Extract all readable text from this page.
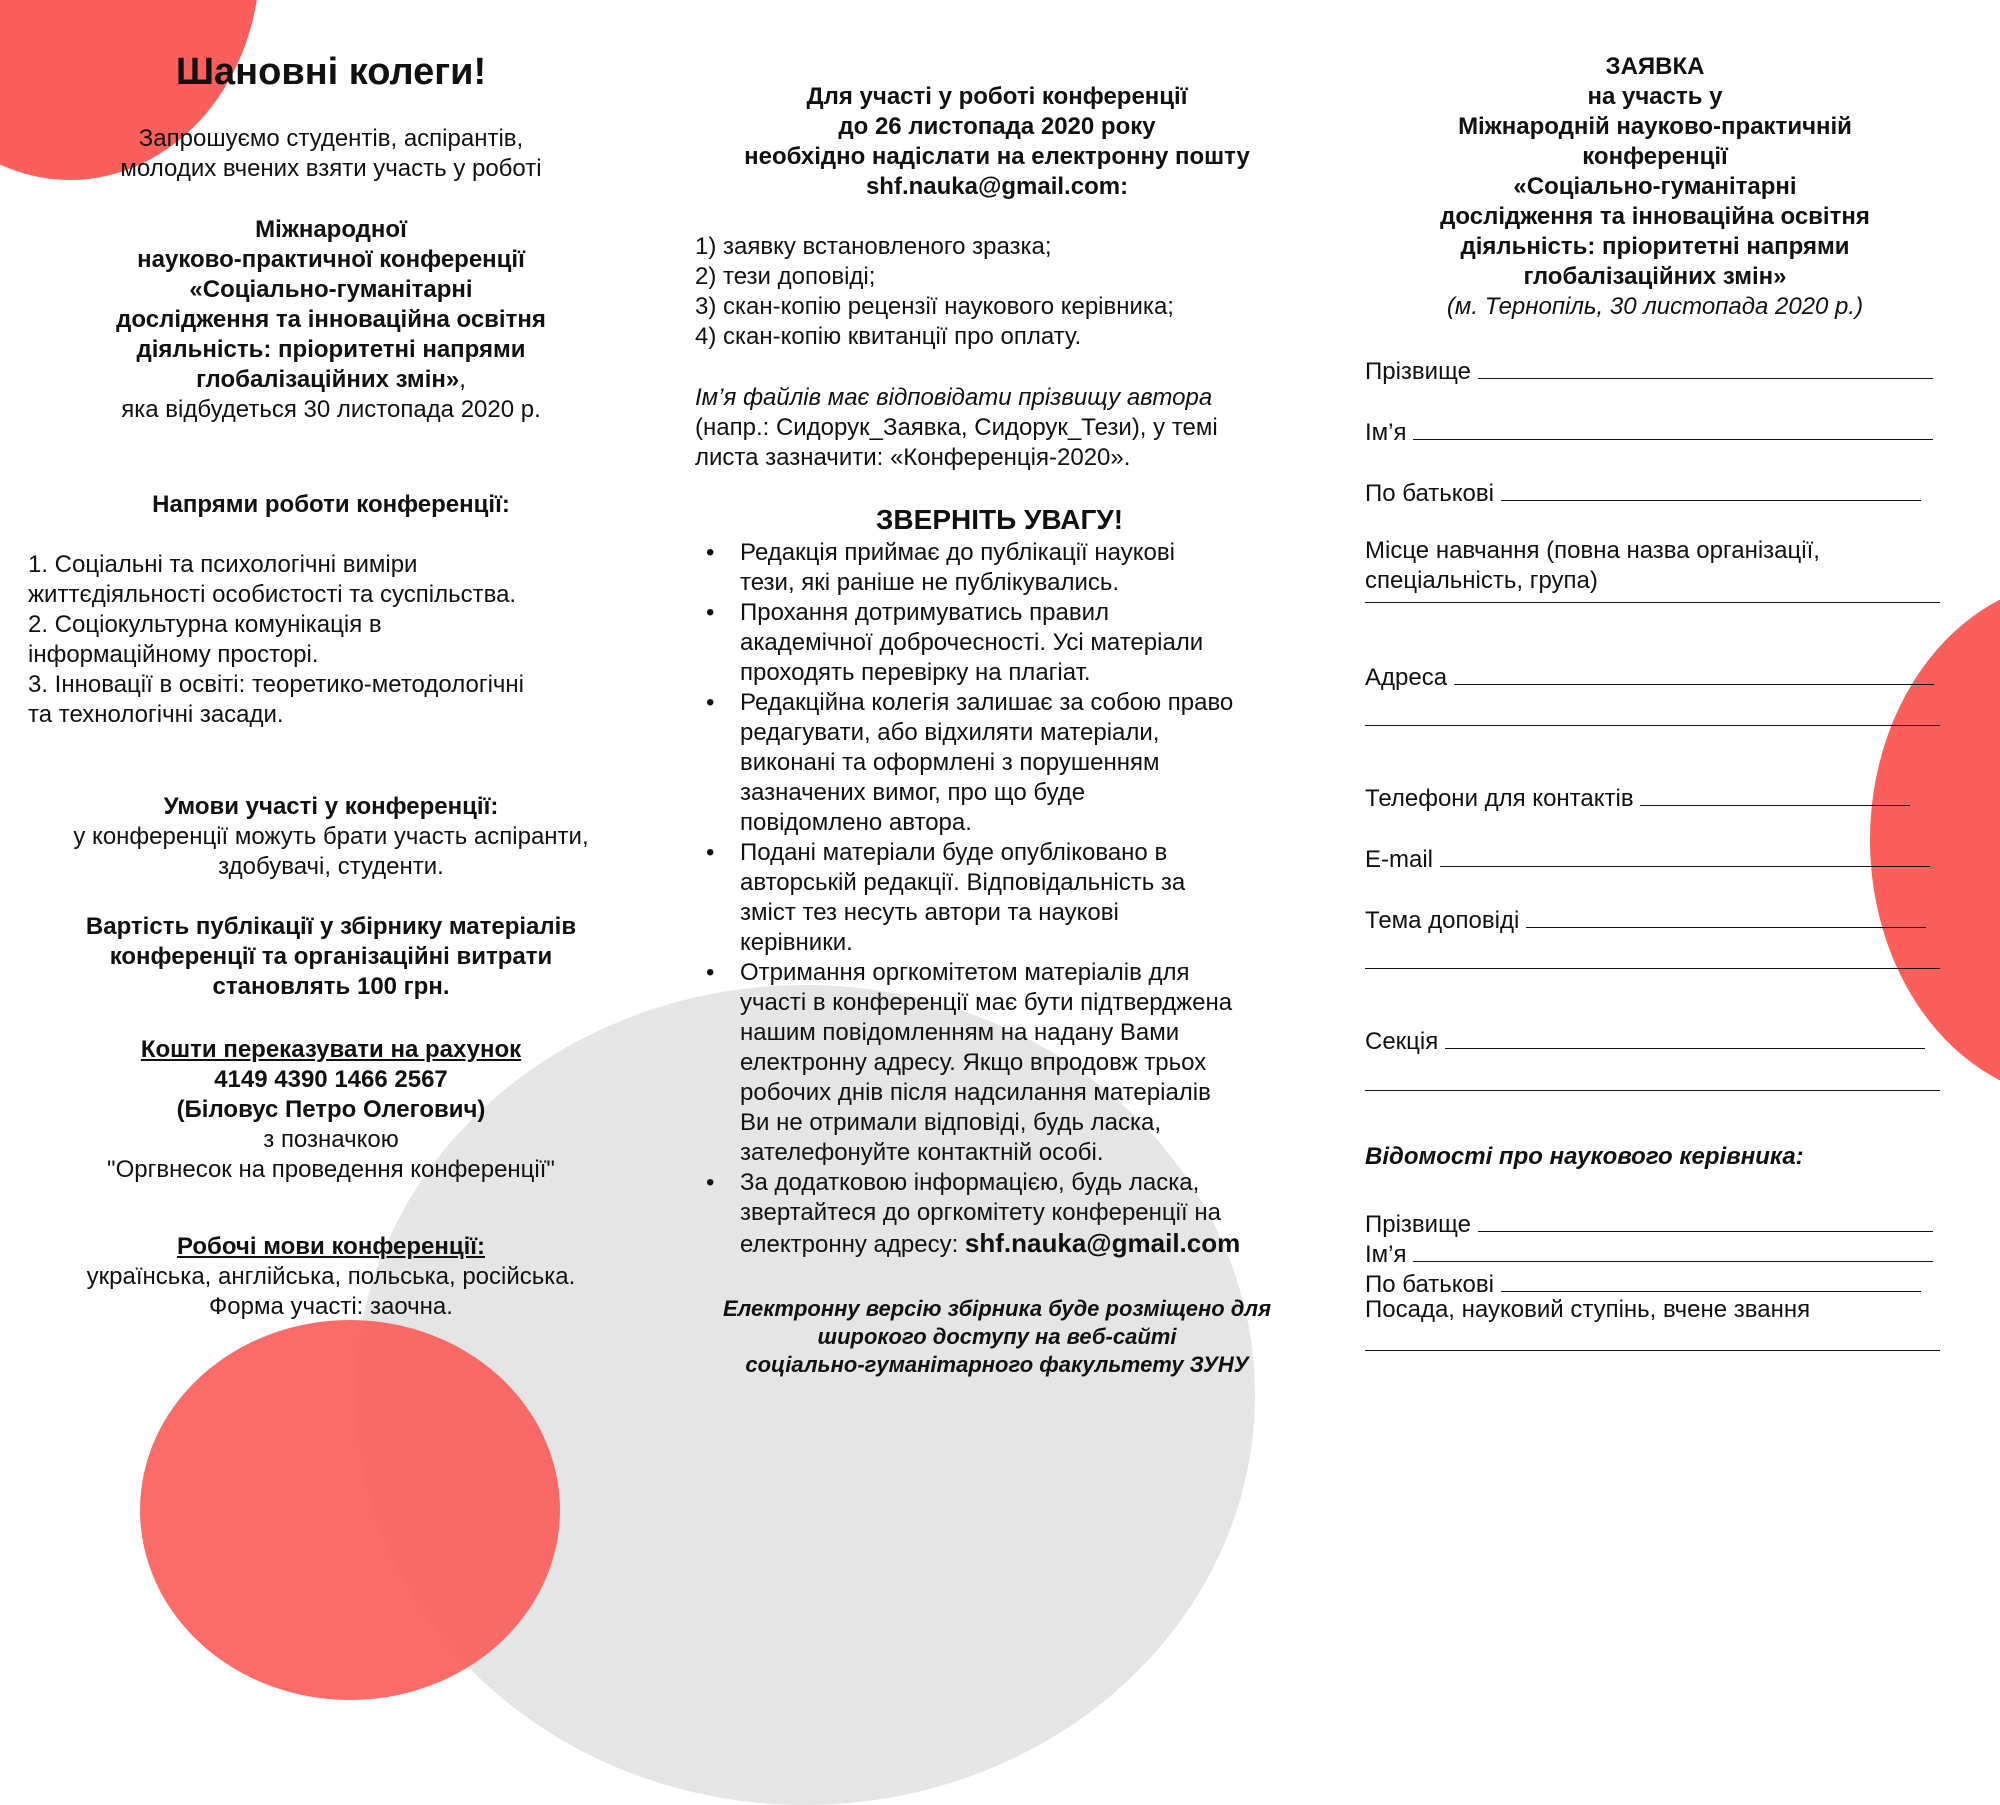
Шановні колеги!
Запрошуємо студентів, аспірантів,
молодих вчених взяти участь у роботі
Міжнародної
науково-практичної конференції
«Соціально-гуманітарні
дослідження та інноваційна освітня
діяльність: пріоритетні напрями
глобалізаційних змін»,
яка відбудеться 30 листопада 2020 р.
Напрями роботи конференції:
1. Соціальні та психологічні виміри
життєдіяльності особистості та суспільства.
2. Соціокультурна комунікація в
інформаційному просторі.
3. Інновації в освіті: теоретико-методологічні
та технологічні засади.
Умови участі у конференції:
у конференції можуть брати участь аспіранти,
здобувачі, студенти.
Вартість публікації у збірнику матеріалів
конференції та організаційні витрати
становлять 100 грн.
Кошти переказувати на рахунок
4149 4390 1466 2567
(Біловус Петро Олегович)
з позначкою
"Оргвнесок на проведення конференції"
Робочі мови конференції:
українська, англійська, польська, російська.
Форма участі: заочна.
Для участі у роботі конференції
до 26 листопада 2020 року
необхідно надіслати на електронну пошту
shf.nauka@gmail.com:
1) заявку встановленого зразка;
2) тези доповіді;
3) скан-копію рецензії наукового керівника;
4) скан-копію квитанції про оплату.
Ім’я файлів має відповідати прізвищу автора
(напр.: Сидорук_Заявка, Сидорук_Тези), у темі
листа зазначити: «Конференція-2020».
ЗВЕРНІТЬ УВАГУ!
• Редакція приймає до публікації наукові
тези, які раніше не публікувались.
• Прохання дотримуватись правил
академічної доброчесності. Усі матеріали
проходять перевірку на плагіат.
• Редакційна колегія залишає за собою право
редагувати, або відхиляти матеріали,
виконані та оформлені з порушенням
зазначених вимог, про що буде
повідомлено автора.
• Подані матеріали буде опубліковано в
авторській редакції. Відповідальність за
зміст тез несуть автори та наукові
керівники.
• Отримання оргкомітетом матеріалів для
участі в конференції має бути підтверджена
нашим повідомленням на надану Вами
електронну адресу. Якщо впродовж трьох
робочих днів після надсилання матеріалів
Ви не отримали відповіді, будь ласка,
зателефонуйте контактній особі.
• За додатковою інформацією, будь ласка,
звертайтеся до оргкомітету конференції на
електронну адресу: shf.nauka@gmail.com
Електронну версію збірника буде розміщено для
широкого доступу на веб-сайті
соціально-гуманітарного факультету ЗУНУ
ЗАЯВКА
на участь у
Міжнародній науково-практичній
конференції
«Соціально-гуманітарні
дослідження та інноваційна освітня
діяльність: пріоритетні напрями
глобалізаційних змін»
(м. Тернопіль, 30 листопада 2020 р.)
Прізвище
Ім’я
По батькові
Місце навчання (повна назва організації,
спеціальність, група)
Адреса
Телефони для контактів
E-mail
Тема доповіді
Секція
Відомості про наукового керівника:
Прізвище
Ім’я
По батькові
Посада, науковий ступінь, вчене звання
